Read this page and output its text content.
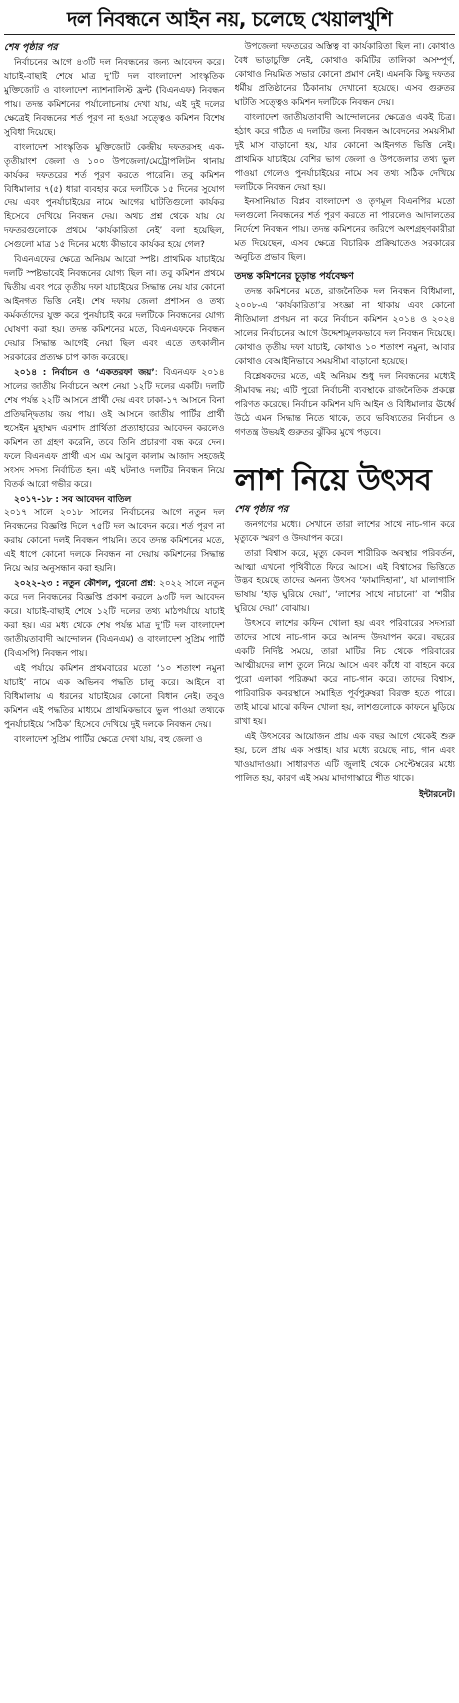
দল নিবন্ধনে আইন নয়, চলেছে খেয়ালখুশি
শেষ পৃষ্ঠার পর

নির্বাচনের আগে ৪৩টি দল নিবন্ধনের জন্য আবেদন করে। যাচাই-বাছাই শেষে মাত্র দু’টি দল বাংলাদেশ সাংস্কৃতিক মুক্তিজোট ও বাংলাদেশ ন্যাশনালিস্ট ফ্রন্ট (বিএনএফ) নিবন্ধন পায়। তদন্ত কমিশনের পর্যালোচনায় দেখা যায়, এই দুই দলের ক্ষেত্রেই নিবন্ধনের শর্ত পূরণ না হওয়া সত্ত্বেও কমিশন বিশেষ সুবিধা দিয়েছে।

বাংলাদেশ সাংস্কৃতিক মুক্তিজোট কেন্দ্রীয় দফতরসহ এক-তৃতীয়াংশ জেলা ও ১০০ উপজেলা/মেট্রোপলিটন থানায় কার্যকর দফতরের শর্ত পূরণ করতে পারেনি। তবু কমিশন বিধিমালার ৭(৫) ধারা ব্যবহার করে দলটিকে ১৫ দিনের সুযোগ দেয় এবং পুনর্যাচাইয়ের নামে আগের ঘাটতিগুলো কার্যকর হিসেবে দেখিয়ে নিবন্ধন দেয়। অথচ প্রশ্ন থেকে যায় যে দফতরগুলোকে প্রথমে ‘কার্যকারিতা নেই’ বলা হয়েছিল, সেগুলো মাত্র ১৫ দিনের মধ্যে কীভাবে কার্যকর হয়ে গেল?

বিএনএফের ক্ষেত্রে অনিয়ম আরো স্পষ্ট। প্রাথমিক যাচাইয়ে দলটি স্পষ্টভাবেই নিবন্ধনের যোগ্য ছিল না। তবু কমিশন প্রথমে দ্বিতীয় এবং পরে তৃতীয় দফা যাচাইয়ের সিদ্ধান্ত নেয় যার কোনো আইনগত ভিত্তি নেই। শেষ দফায় জেলা প্রশাসন ও তথ্য কর্মকর্তাদের যুক্ত করে পুনর্যাচাই করে দলটিকে নিবন্ধনের যোগ্য ঘোষণা করা হয়। তদন্ত কমিশনের মতে, বিএনএফকে নিবন্ধন দেয়ার সিদ্ধান্ত আগেই নেয়া ছিল এবং এতে তৎকালীন সরকারের প্রত্যক্ষ চাপ কাজ করেছে।

২০১৪ : নির্বাচন ও ‘একতরফা জয়’: বিএনএফ ২০১৪ সালের জাতীয় নির্বাচনে অংশ নেয়া ১২টি দলের একটি। দলটি শেষ পর্যন্ত ২২টি আসনে প্রার্থী দেয় এবং ঢাকা-১৭ আসনে বিনা প্রতিদ্বন্দ্বিতায় জয় পায়। ওই আসনে জাতীয় পার্টির প্রার্থী হুসেইন মুহাম্মদ এরশাদ প্রার্থিতা প্রত্যাহারের আবেদন করলেও কমিশন তা গ্রহণ করেনি, তবে তিনি প্রচারণা বন্ধ করে দেন। ফলে বিএনএফ প্রার্থী এস এম আবুল কালাম আজাদ সহজেই সংসদ সদস্য নির্বাচিত হন। এই ঘটনাও দলটির নিবন্ধন নিয়ে বিতর্ক আরো গভীর করে।

২০১৭-১৮ : সব আবেদন বাতিল
২০১৭ সালে ২০১৮ সালের নির্বাচনের আগে নতুন দল নিবন্ধনের বিজ্ঞপ্তি দিলে ৭৫টি দল আবেদন করে। শর্ত পূরণ না করায় কোনো দলই নিবন্ধন পায়নি। তবে তদন্ত কমিশনের মতে, এই ধাপে কোনো দলকে নিবন্ধন না দেয়ায় কমিশনের সিদ্ধান্ত নিয়ে আর অনুসন্ধান করা হয়নি।

২০২২-২৩ : নতুন কৌশল, পুরনো প্রশ্ন: ২০২২ সালে নতুন করে দল নিবন্ধনের বিজ্ঞপ্তি প্রকাশ করলে ৯৩টি দল আবেদন করে। যাচাই-বাছাই শেষে ১২টি দলের তথ্য মাঠপর্যায়ে যাচাই করা হয়। এর মধ্য থেকে শেষ পর্যন্ত মাত্র দু’টি দল বাংলাদেশ জাতীয়তাবাদী আন্দোলন (বিএনএম) ও বাংলাদেশ সুপ্রিম পার্টি (বিএসপি) নিবন্ধন পায়।

এই পর্যায়ে কমিশন প্রথমবারের মতো ‘১০ শতাংশ নমুনা যাচাই’ নামে এক অভিনব পদ্ধতি চালু করে। আইনে বা বিধিমালায় এ ধরনের যাচাইয়ের কোনো বিধান নেই। তবুও কমিশন এই পদ্ধতির মাধ্যমে প্রাথমিকভাবে ভুল পাওয়া তথ্যকে পুনর্যাচাইয়ে ‘সঠিক’ হিসেবে দেখিয়ে দুই দলকে নিবন্ধন দেয়।

বাংলাদেশ সুপ্রিম পার্টির ক্ষেত্রে দেখা যায়, বহু জেলা ও

উপজেলা দফতরের অস্তিত্ব বা কার্যকারিতা ছিল না। কোথাও বৈধ ভাড়াচুক্তি নেই, কোথাও কমিটির তালিকা অসম্পূর্ণ, কোথাও নিয়মিত সভার কোনো প্রমাণ নেই। এমনকি কিছু দফতর ধর্মীয় প্রতিষ্ঠানের ঠিকানায় দেখানো হয়েছে। এসব গুরুতর ঘাটতি সত্ত্বেও কমিশন দলটিকে নিবন্ধন দেয়।

বাংলাদেশ জাতীয়তাবাদী আন্দোলনের ক্ষেত্রেও একই চিত্র। হঠাৎ করে গঠিত এ দলটির জন্য নিবন্ধন আবেদনের সময়সীমা দুই মাস বাড়ানো হয়, যার কোনো আইনগত ভিত্তি নেই। প্রাথমিক যাচাইয়ে বেশির ভাগ জেলা ও উপজেলার তথ্য ভুল পাওয়া গেলেও পুনর্যাচাইয়ের নামে সব তথ্য সঠিক দেখিয়ে দলটিকে নিবন্ধন দেয়া হয়।

ইনসানিয়াত বিপ্লব বাংলাদেশ ও তৃণমূল বিএনপির মতো দলগুলো নিবন্ধনের শর্ত পূরণ করতে না পারলেও আদালতের নির্দেশে নিবন্ধন পায়। তদন্ত কমিশনের জরিপে অংশগ্রহণকারীরা মত দিয়েছেন, এসব ক্ষেত্রে বিচারিক প্রক্রিয়াতেও সরকারের অনুচিত প্রভাব ছিল।

তদন্ত কমিশনের চূড়ান্ত পর্যবেক্ষণ

তদন্ত কমিশনের মতে, রাজনৈতিক দল নিবন্ধন বিধিমালা, ২০০৮-এ ‘কার্যকারিতা’র সংজ্ঞা না থাকায় এবং কোনো নীতিমালা প্রণয়ন না করে নির্বাচন কমিশন ২০১৪ ও ২০২৪ সালের নির্বাচনের আগে উদ্দেশ্যমূলকভাবে দল নিবন্ধন দিয়েছে। কোথাও তৃতীয় দফা যাচাই, কোথাও ১০ শতাংশ নমুনা, আবার কোথাও বেআইনিভাবে সময়সীমা বাড়ানো হয়েছে।

বিশ্লেষকদের মতে, এই অনিয়ম শুধু দল নিবন্ধনের মধ্যেই সীমাবদ্ধ নয়; এটি পুরো নির্বাচনী ব্যবস্থাকে রাজনৈতিক প্রকল্পে পরিণত করেছে। নির্বাচন কমিশন যদি আইন ও বিধিমালার ঊর্ধ্বে উঠে এমন সিদ্ধান্ত নিতে থাকে, তবে ভবিষ্যতের নির্বাচন ও গণতন্ত্র উভয়ই গুরুতর ঝুঁকির মুখে পড়বে।

লাশ নিয়ে উৎসব
শেষ পৃষ্ঠার পর

জনগণের মধ্যে। সেখানে তারা লাশের সাথে নাচ-গান করে মৃত্যুকে স্মরণ ও উদযাপন করে।

তারা বিশ্বাস করে, মৃত্যু কেবল শারীরিক অবস্থার পরিবর্তন, আত্মা এখনো পৃথিবীতে ফিরে আসে। এই বিশ্বাসের ভিত্তিতে উদ্ভব হয়েছে তাদের অনন্য উৎসব ‘ফামাদিহানা’, যা মালাগাসি ভাষায় ‘হাড় ঘুরিয়ে দেয়া’, ‘লাশের সাথে নাচানো’ বা ‘শরীর ঘুরিয়ে দেয়া’ বোঝায়।

উৎসবে লাশের কফিন খোলা হয় এবং পরিবারের সদস্যরা তাদের সাথে নাচ-গান করে আনন্দ উদযাপন করে। বছরের একটি নির্দিষ্ট সময়ে, তারা মাটির নিচ থেকে পরিবারের আত্মীয়দের লাশ তুলে নিয়ে আসে এবং কাঁধে বা বাহনে করে পুরো এলাকা পরিক্রমা করে নাচ-গান করে। তাদের বিশ্বাস, পারিবারিক কবরস্থানে সমাহিত পূর্বপুরুষরা বিরক্ত হতে পারে। তাই মাঝে মাঝে কফিন খোলা হয়, লাশগুলোকে কাফনে মুড়িয়ে রাখা হয়।

এই উৎসবের আয়োজন প্রায় এক বছর আগে থেকেই শুরু হয়, চলে প্রায় এক সপ্তাহ। যার মধ্যে রয়েছে নাচ, গান এবং খাওয়াদাওয়া। সাধারণত এটি জুলাই থেকে সেপ্টেম্বরের মধ্যে পালিত হয়, কারণ এই সময় মাদাগাস্কারে শীত থাকে।

ইন্টারনেট।
